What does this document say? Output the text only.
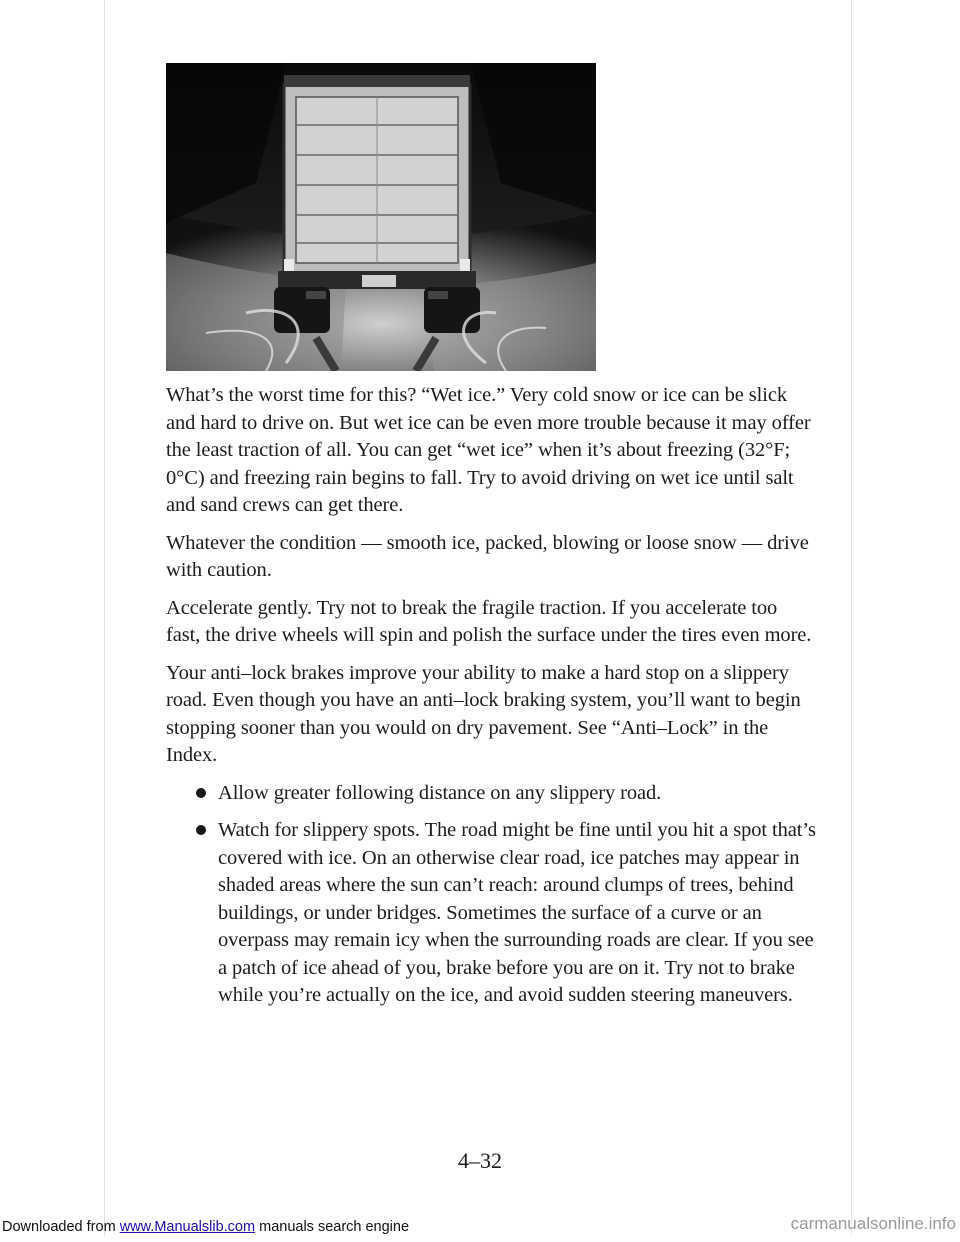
What’s the worst time for this? “Wet ice.” Very cold snow or ice can be slick and hard to drive on. But wet ice can be even more trouble because it may offer the least traction of all. You can get “wet ice” when it’s about freezing (32°F; 0°C) and freezing rain begins to fall. Try to avoid driving on wet ice until salt and sand crews can get there.

Whatever the condition — smooth ice, packed, blowing or loose snow — drive with caution.

Accelerate gently. Try not to break the fragile traction. If you accelerate too fast, the drive wheels will spin and polish the surface under the tires even more.

Your anti–lock brakes improve your ability to make a hard stop on a slippery road. Even though you have an anti–lock braking system, you’ll want to begin stopping sooner than you would on dry pavement. See “Anti–Lock” in the Index.

Allow greater following distance on any slippery road.
Watch for slippery spots. The road might be fine until you hit a spot that’s covered with ice. On an otherwise clear road, ice patches may appear in shaded areas where the sun can’t reach: around clumps of trees, behind buildings, or under bridges. Sometimes the surface of a curve or an overpass may remain icy when the surrounding roads are clear. If you see a patch of ice ahead of you, brake before you are on it. Try not to brake while you’re actually on the ice, and avoid sudden steering maneuvers.
4–32
Downloaded from www.Manualslib.com manuals search engine	carmanualsonline.info
